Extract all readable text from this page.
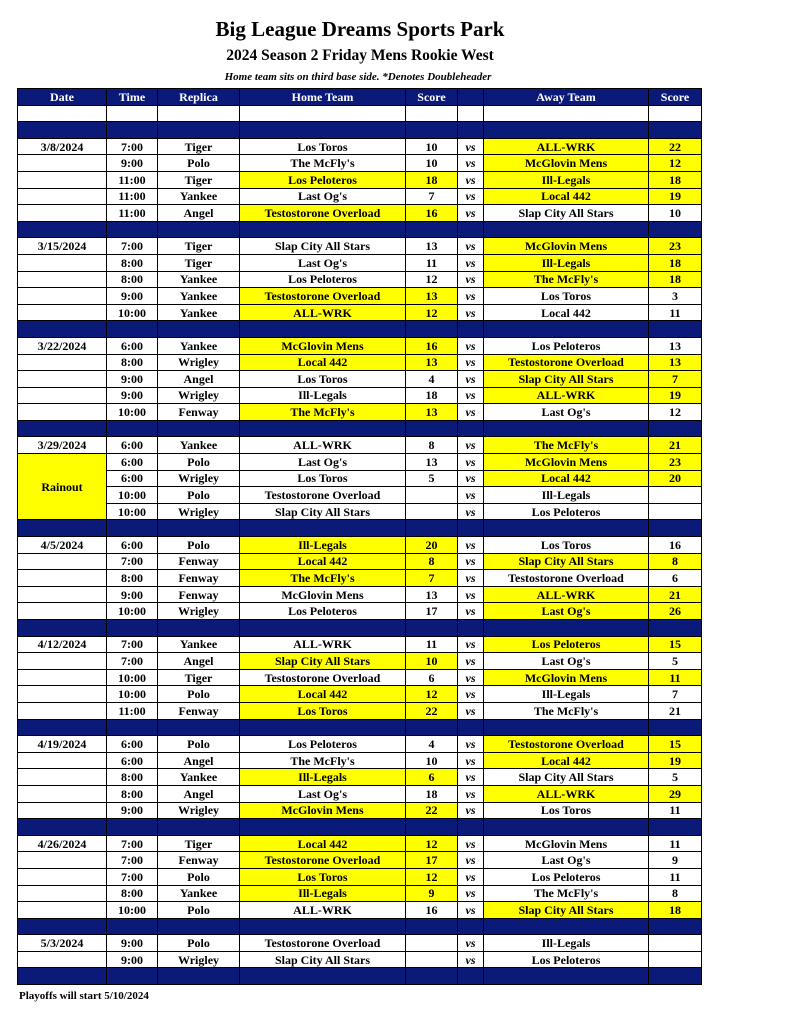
Big League Dreams Sports Park
2024 Season 2 Friday Mens Rookie West
Home team sits on third base side. *Denotes Doubleheader
Date	Time	Replica	Home Team	Score		Away Team	Score

3/8/2024	7:00	Tiger	Los Toros	10	vs	ALL-WRK	22
	9:00	Polo	The McFly's	10	vs	McGlovin Mens	12
	11:00	Tiger	Los Peloteros	18	vs	Ill-Legals	18
	11:00	Yankee	Last Og's	7	vs	Local 442	19
	11:00	Angel	Testostorone Overload	16	vs	Slap City All Stars	10

3/15/2024	7:00	Tiger	Slap City All Stars	13	vs	McGlovin Mens	23
	8:00	Tiger	Last Og's	11	vs	Ill-Legals	18
	8:00	Yankee	Los Peloteros	12	vs	The McFly's	18
	9:00	Yankee	Testostorone Overload	13	vs	Los Toros	3
	10:00	Yankee	ALL-WRK	12	vs	Local 442	11

3/22/2024	6:00	Yankee	McGlovin Mens	16	vs	Los Peloteros	13
	8:00	Wrigley	Local 442	13	vs	Testostorone Overload	13
	9:00	Angel	Los Toros	4	vs	Slap City All Stars	7
	9:00	Wrigley	Ill-Legals	18	vs	ALL-WRK	19
	10:00	Fenway	The McFly's	13	vs	Last Og's	12

3/29/2024	6:00	Yankee	ALL-WRK	8	vs	The McFly's	21
Rainout	6:00	Polo	Last Og's	13	vs	McGlovin Mens	23
	6:00	Wrigley	Los Toros	5	vs	Local 442	20
	10:00	Polo	Testostorone Overload		vs	Ill-Legals	
	10:00	Wrigley	Slap City All Stars		vs	Los Peloteros	

4/5/2024	6:00	Polo	Ill-Legals	20	vs	Los Toros	16
	7:00	Fenway	Local 442	8	vs	Slap City All Stars	8
	8:00	Fenway	The McFly's	7	vs	Testostorone Overload	6
	9:00	Fenway	McGlovin Mens	13	vs	ALL-WRK	21
	10:00	Wrigley	Los Peloteros	17	vs	Last Og's	26

4/12/2024	7:00	Yankee	ALL-WRK	11	vs	Los Peloteros	15
	7:00	Angel	Slap City All Stars	10	vs	Last Og's	5
	10:00	Tiger	Testostorone Overload	6	vs	McGlovin Mens	11
	10:00	Polo	Local 442	12	vs	Ill-Legals	7
	11:00	Fenway	Los Toros	22	vs	The McFly's	21

4/19/2024	6:00	Polo	Los Peloteros	4	vs	Testostorone Overload	15
	6:00	Angel	The McFly's	10	vs	Local 442	19
	8:00	Yankee	Ill-Legals	6	vs	Slap City All Stars	5
	8:00	Angel	Last Og's	18	vs	ALL-WRK	29
	9:00	Wrigley	McGlovin Mens	22	vs	Los Toros	11

4/26/2024	7:00	Tiger	Local 442	12	vs	McGlovin Mens	11
	7:00	Fenway	Testostorone Overload	17	vs	Last Og's	9
	7:00	Polo	Los Toros	12	vs	Los Peloteros	11
	8:00	Yankee	Ill-Legals	9	vs	The McFly's	8
	10:00	Polo	ALL-WRK	16	vs	Slap City All Stars	18

5/3/2024	9:00	Polo	Testostorone Overload		vs	Ill-Legals	
	9:00	Wrigley	Slap City All Stars		vs	Los Peloteros	

Playoffs will start 5/10/2024
